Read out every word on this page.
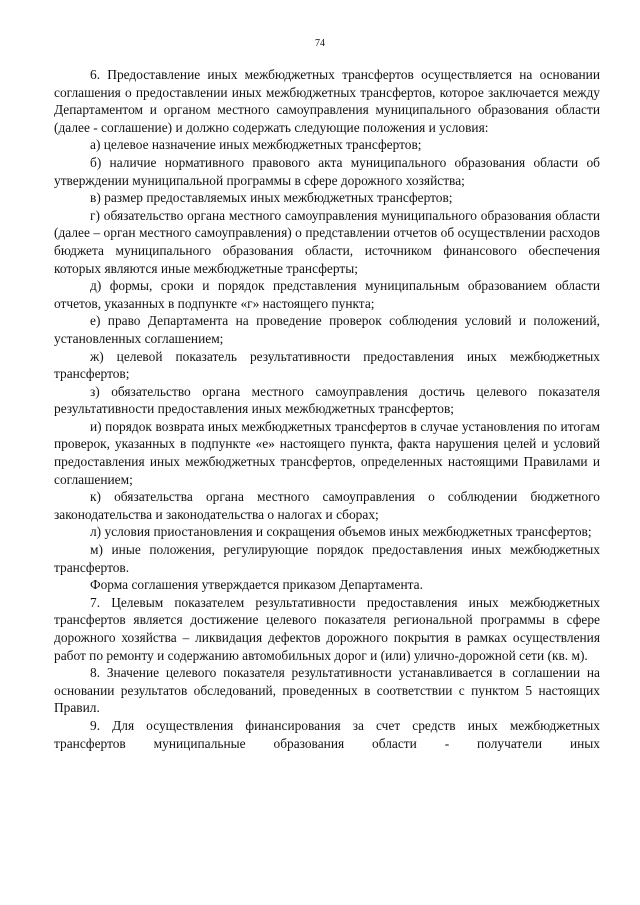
74

6. Предоставление иных межбюджетных трансфертов осуществляется на основании соглашения о предоставлении иных межбюджетных трансфертов, которое заключается между Департаментом и органом местного самоуправления муниципального образования области (далее - соглашение) и должно содержать следующие положения и условия:

а) целевое назначение иных межбюджетных трансфертов;

б) наличие нормативного правового акта муниципального образования области об утверждении муниципальной программы в сфере дорожного хозяйства;

в) размер предоставляемых иных межбюджетных трансфертов;

г) обязательство органа местного самоуправления муниципального образования области (далее – орган местного самоуправления) о представлении отчетов об осуществлении расходов бюджета муниципального образования области, источником финансового обеспечения которых являются иные межбюджетные трансферты;

д) формы, сроки и порядок представления муниципальным образованием области отчетов, указанных в подпункте «г» настоящего пункта;

е) право Департамента на проведение проверок соблюдения условий и положений, установленных соглашением;

ж) целевой показатель результативности предоставления иных межбюджетных трансфертов;

з) обязательство органа местного самоуправления достичь целевого показателя результативности предоставления иных межбюджетных трансфертов;

и) порядок возврата иных межбюджетных трансфертов в случае установления по итогам проверок, указанных в подпункте «е» настоящего пункта, факта нарушения целей и условий предоставления иных межбюджетных трансфертов, определенных настоящими Правилами и соглашением;

к) обязательства органа местного самоуправления о соблюдении бюджетного законодательства и законодательства о налогах и сборах;

л) условия приостановления и сокращения объемов иных межбюджетных трансфертов;

м) иные положения, регулирующие порядок предоставления иных межбюджетных трансфертов.

Форма соглашения утверждается приказом Департамента.

7. Целевым показателем результативности предоставления иных межбюджетных трансфертов является достижение целевого показателя региональной программы в сфере дорожного хозяйства – ликвидация дефектов дорожного покрытия в рамках осуществления работ по ремонту и содержанию автомобильных дорог и (или) улично-дорожной сети (кв. м).

8. Значение целевого показателя результативности устанавливается в соглашении на основании результатов обследований, проведенных в соответствии с пунктом 5 настоящих Правил.

9. Для осуществления финансирования за счет средств иных межбюджетных трансфертов муниципальные образования области - получатели иных
